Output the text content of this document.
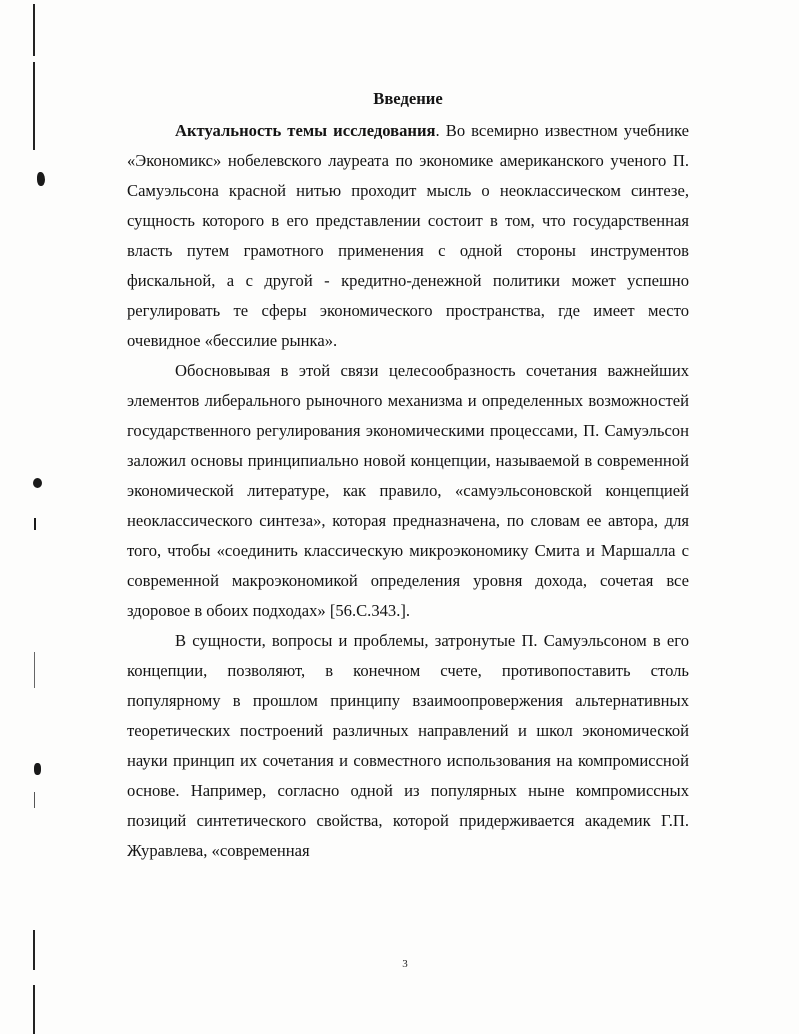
Введение

Актуальность темы исследования. Во всемирно известном учебнике «Экономикс» нобелевского лауреата по экономике американского ученого П. Самуэльсона красной нитью проходит мысль о неоклассическом синтезе, сущность которого в его представлении состоит в том, что государственная власть путем грамотного применения с одной стороны инструментов фискальной, а с другой - кредитно-денежной политики может успешно регулировать те сферы экономического пространства, где имеет место очевидное «бессилие рынка».

Обосновывая в этой связи целесообразность сочетания важнейших элементов либерального рыночного механизма и определенных возможностей государственного регулирования экономическими процессами, П. Самуэльсон заложил основы принципиально новой концепции, называемой в современной экономической литературе, как правило, «самуэльсоновской концепцией неоклассического синтеза», которая предназначена, по словам ее автора, для того, чтобы «соединить классическую микроэкономику Смита и Маршалла с современной макроэкономикой определения уровня дохода, сочетая все здоровое в обоих подходах» [56.С.343.].

В сущности, вопросы и проблемы, затронутые П. Самуэльсоном в его концепции, позволяют, в конечном счете, противопоставить столь популярному в прошлом принципу взаимоопровержения альтернативных теоретических построений различных направлений и школ экономической науки принцип их сочетания и совместного использования на компромиссной основе. Например, согласно одной из популярных ныне компромиссных позиций синтетического свойства, которой придерживается академик Г.П. Журавлева, «современная

3
